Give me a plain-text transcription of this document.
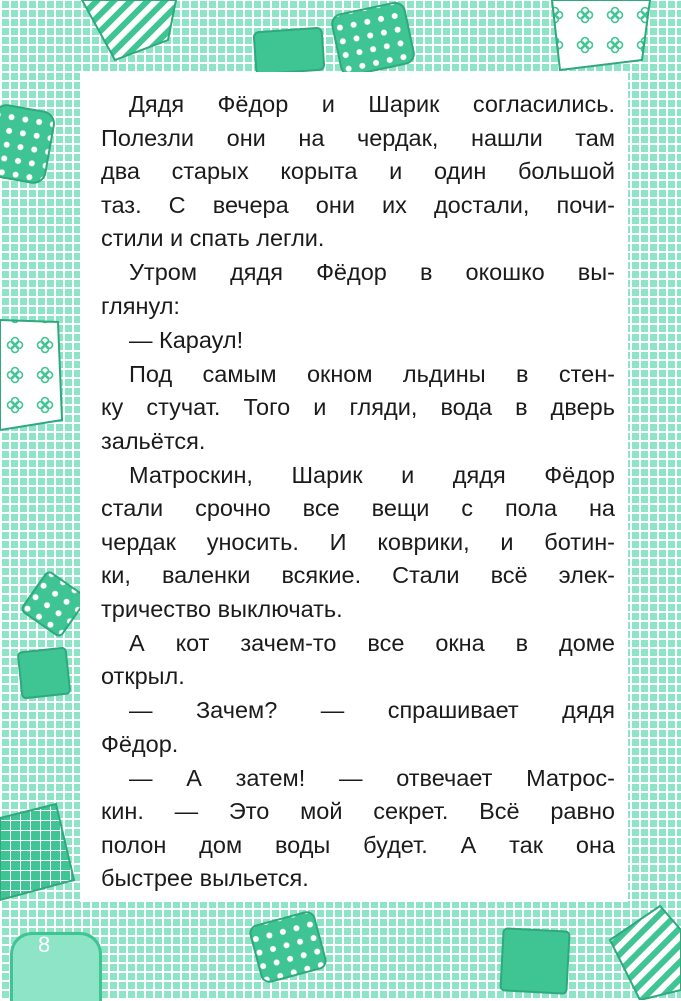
Дядя Фёдор и Шарик согласились.
Полезли они на чердак, нашли там
два старых корыта и один большой
таз. С вечера они их достали, почи-
стили и спать легли.
Утром дядя Фёдор в окошко вы-
глянул:
— Караул!
Под самым окном льдины в стен-
ку стучат. Того и гляди, вода в дверь
зальётся.
Матроскин, Шарик и дядя Фёдор
стали срочно все вещи с пола на
чердак уносить. И коврики, и ботин-
ки, валенки всякие. Стали всё элек-
тричество выключать.
А кот зачем-то все окна в доме
открыл.
— Зачем? — спрашивает дядя
Фёдор.
— А затем! — отвечает Матрос-
кин. — Это мой секрет. Всё равно
полон дом воды будет. А так она
быстрее выльется.
8
